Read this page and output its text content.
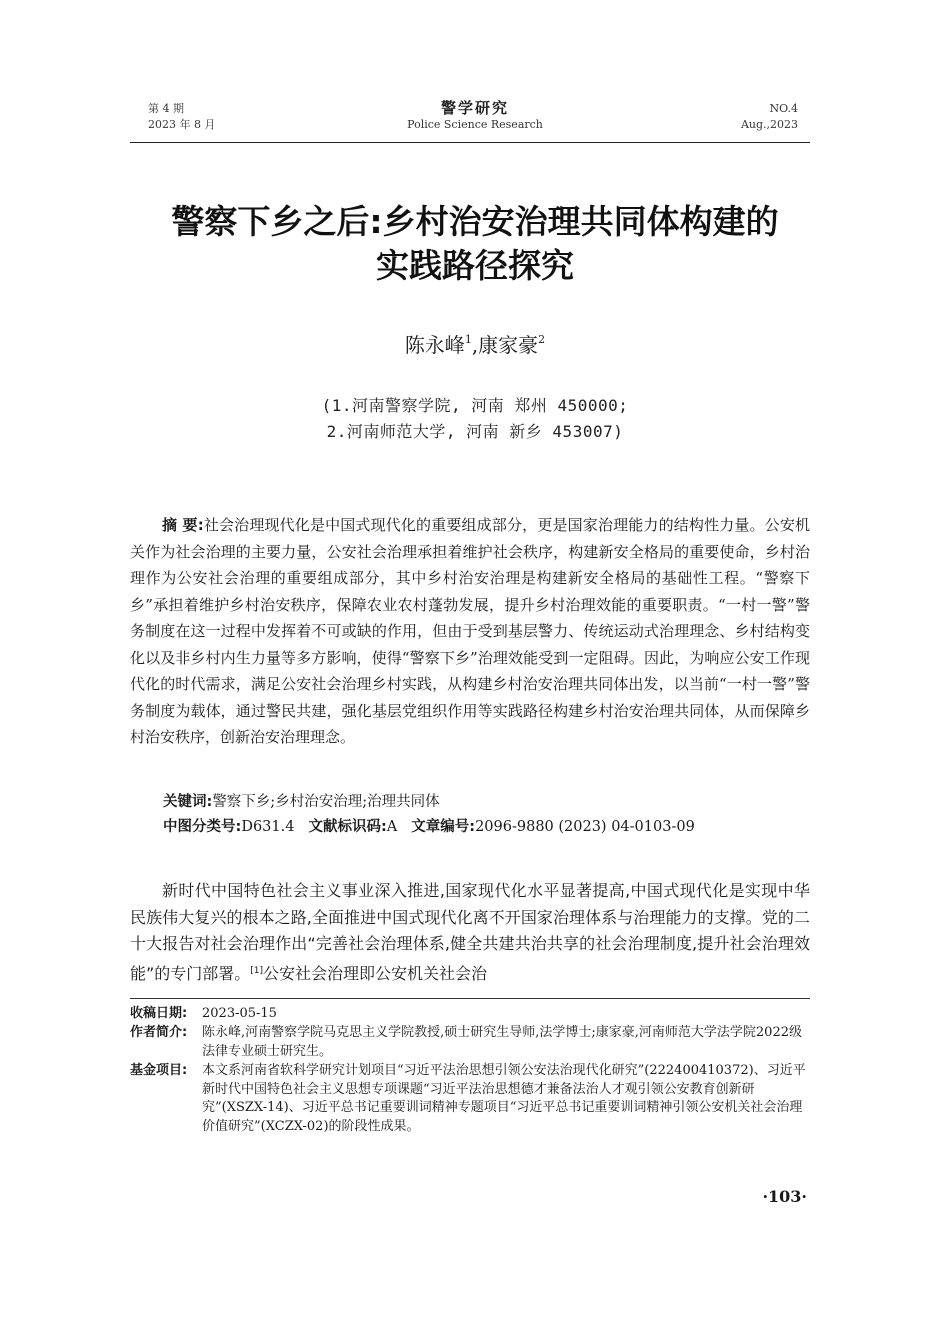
第 4 期
2023 年 8 月
警学研究
Police Science Research
NO.4
Aug.,2023
警察下乡之后:乡村治安治理共同体构建的
实践路径探究
陈永峰$^1$,康家豪$^2$
(1.河南警察学院, 河南 郑州 450000;
2.河南师范大学, 河南 新乡 453007)
摘 要:社会治理现代化是中国式现代化的重要组成部分，更是国家治理能力的结构性力量。公安机关作为社会治理的主要力量，公安社会治理承担着维护社会秩序，构建新安全格局的重要使命，乡村治理作为公安社会治理的重要组成部分，其中乡村治安治理是构建新安全格局的基础性工程。“警察下乡”承担着维护乡村治安秩序，保障农业农村蓬勃发展，提升乡村治理效能的重要职责。“一村一警”警务制度在这一过程中发挥着不可或缺的作用，但由于受到基层警力、传统运动式治理理念、乡村结构变化以及非乡村内生力量等多方影响，使得“警察下乡”治理效能受到一定阻碍。因此，为响应公安工作现代化的时代需求，满足公安社会治理乡村实践，从构建乡村治安治理共同体出发，以当前“一村一警”警务制度为载体，通过警民共建，强化基层党组织作用等实践路径构建乡村治安治理共同体，从而保障乡村治安秩序，创新治安治理理念。
关键词:警察下乡;乡村治安治理;治理共同体
中图分类号:D631.4 文献标识码:A 文章编号:2096-9880 (2023) 04-0103-09
新时代中国特色社会主义事业深入推进,国家现代化水平显著提高,中国式现代化是实现中华民族伟大复兴的根本之路,全面推进中国式现代化离不开国家治理体系与治理能力的支撑。党的二十大报告对社会治理作出“完善社会治理体系,健全共建共治共享的社会治理制度,提升社会治理效能”的专门部署。[1]公安社会治理即公安机关社会治
收稿日期: 2023-05-15
作者简介: 陈永峰,河南警察学院马克思主义学院教授,硕士研究生导师,法学博士;康家豪,河南师范大学法学院2022级法律专业硕士研究生。
基金项目: 本文系河南省软科学研究计划项目“习近平法治思想引领公安法治现代化研究”(222400410372)、习近平新时代中国特色社会主义思想专项课题“习近平法治思想德才兼备法治人才观引领公安教育创新研究”(XSZX-14)、习近平总书记重要训词精神专题项目“习近平总书记重要训词精神引领公安机关社会治理价值研究”(XCZX-02)的阶段性成果。
·103·
